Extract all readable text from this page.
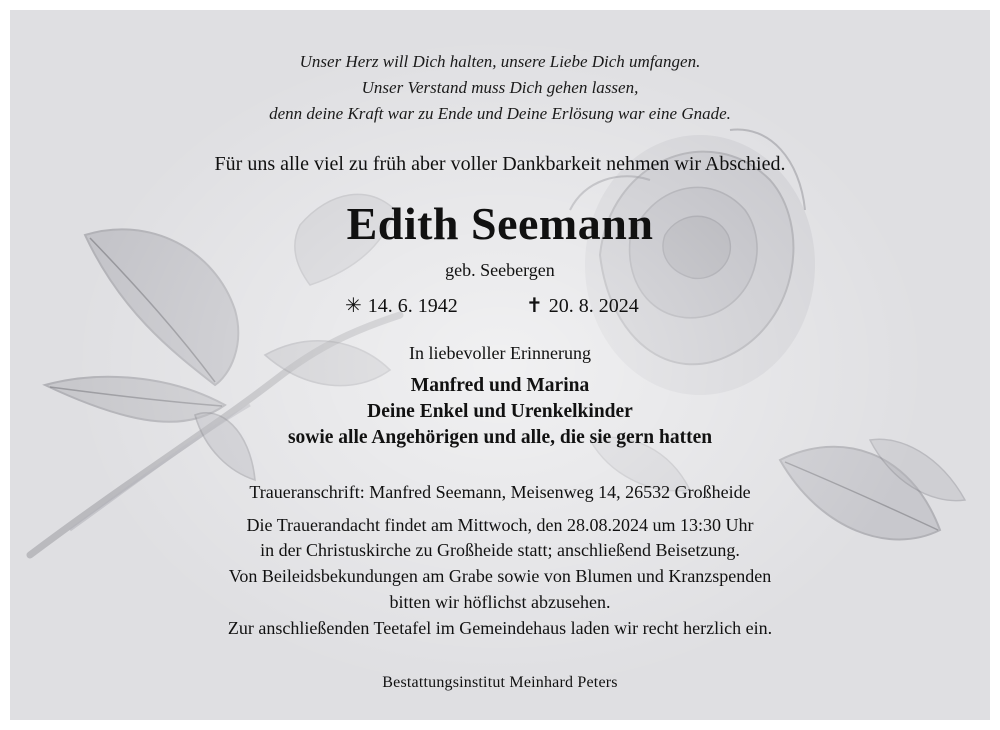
Unser Herz will Dich halten, unsere Liebe Dich umfangen.
Unser Verstand muss Dich gehen lassen,
denn deine Kraft war zu Ende und Deine Erlösung war eine Gnade.
Für uns alle viel zu früh aber voller Dankbarkeit nehmen wir Abschied.
Edith Seemann
geb. Seebergen
✳ 14. 6. 1942	✝ 20. 8. 2024
In liebevoller Erinnerung
Manfred und Marina
Deine Enkel und Urenkelkinder
sowie alle Angehörigen und alle, die sie gern hatten
Traueranschrift: Manfred Seemann, Meisenweg 14, 26532 Großheide
Die Trauerandacht findet am Mittwoch, den 28.08.2024 um 13:30 Uhr
in der Christuskirche zu Großheide statt; anschließend Beisetzung.
Von Beileidsbekundungen am Grabe sowie von Blumen und Kranzspenden
bitten wir höflichst abzusehen.
Zur anschließenden Teetafel im Gemeindehaus laden wir recht herzlich ein.
Bestattungsinstitut Meinhard Peters
